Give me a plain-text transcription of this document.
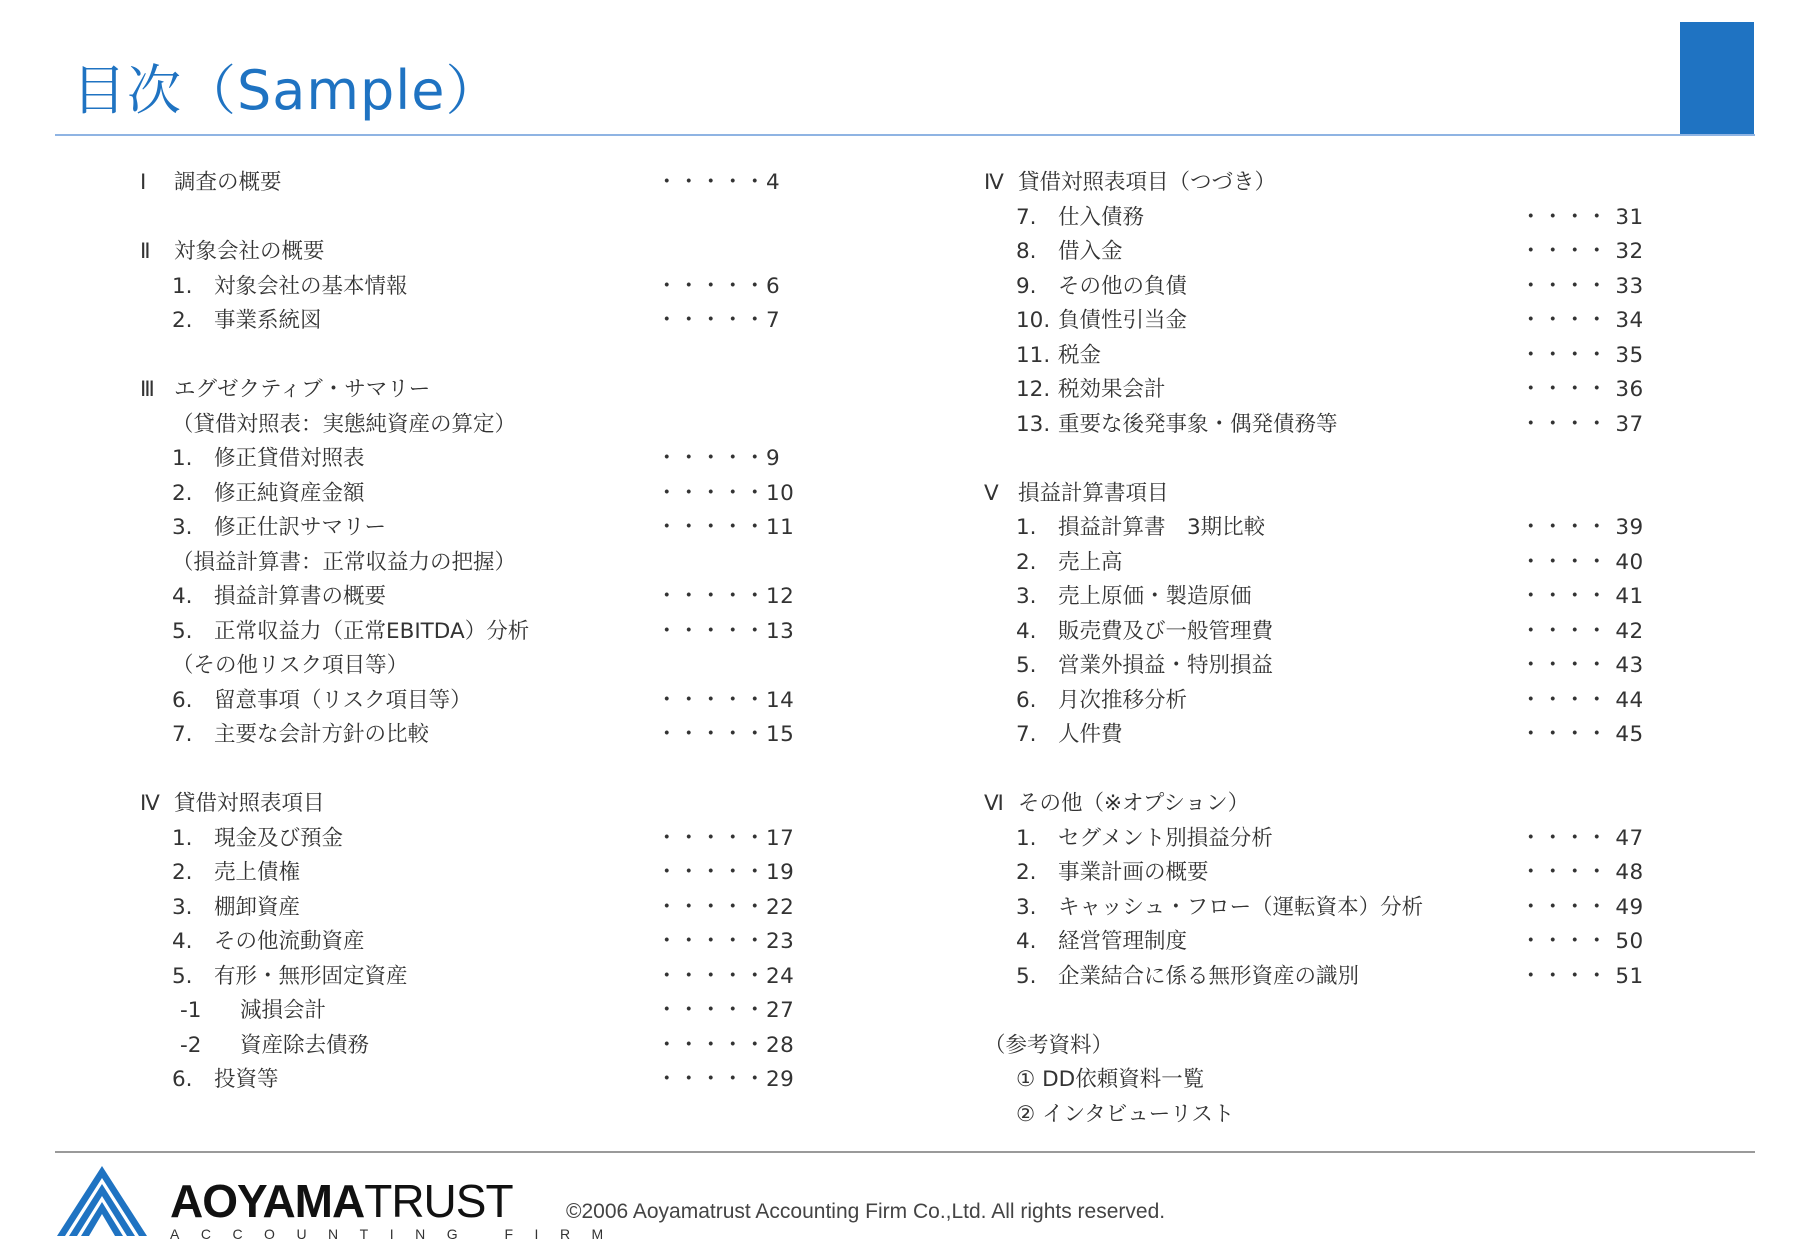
目次（Sample）
Ⅰ 調査の概要	・・・・・4
Ⅱ 対象会社の概要
1. 対象会社の基本情報	・・・・・6
2. 事業系統図	・・・・・7
Ⅲ エグゼクティブ・サマリー
（貸借対照表：実態純資産の算定）
1. 修正貸借対照表	・・・・・9
2. 修正純資産金額	・・・・・10
3. 修正仕訳サマリー	・・・・・11
（損益計算書：正常収益力の把握）
4. 損益計算書の概要	・・・・・12
5. 正常収益力（正常EBITDA）分析	・・・・・13
（その他リスク項目等）
6. 留意事項（リスク項目等）	・・・・・14
7. 主要な会計方針の比較	・・・・・15
Ⅳ 貸借対照表項目
1. 現金及び預金	・・・・・17
2. 売上債権	・・・・・19
3. 棚卸資産	・・・・・22
4. その他流動資産	・・・・・23
5. 有形・無形固定資産	・・・・・24
-1 減損会計	・・・・・27
-2 資産除去債務	・・・・・28
6. 投資等	・・・・・29
Ⅳ 貸借対照表項目（つづき）
7. 仕入債務	・・・・ 31
8. 借入金	・・・・ 32
9. その他の負債	・・・・ 33
10. 負債性引当金	・・・・ 34
11. 税金	・・・・ 35
12. 税効果会計	・・・・ 36
13. 重要な後発事象・偶発債務等	・・・・ 37
Ⅴ 損益計算書項目
1. 損益計算書　3期比較	・・・・ 39
2. 売上高	・・・・ 40
3. 売上原価・製造原価	・・・・ 41
4. 販売費及び一般管理費	・・・・ 42
5. 営業外損益・特別損益	・・・・ 43
6. 月次推移分析	・・・・ 44
7. 人件費	・・・・ 45
Ⅵ その他（※オプション）
1. セグメント別損益分析	・・・・ 47
2. 事業計画の概要	・・・・ 48
3. キャッシュ・フロー（運転資本）分析	・・・・ 49
4. 経営管理制度	・・・・ 50
5. 企業結合に係る無形資産の識別	・・・・ 51
（参考資料）
① DD依頼資料一覧
② インタビューリスト
AOYAMATRUST
ACCOUNTING FIRM
©2006 Aoyamatrust Accounting Firm Co.,Ltd. All rights reserved.
